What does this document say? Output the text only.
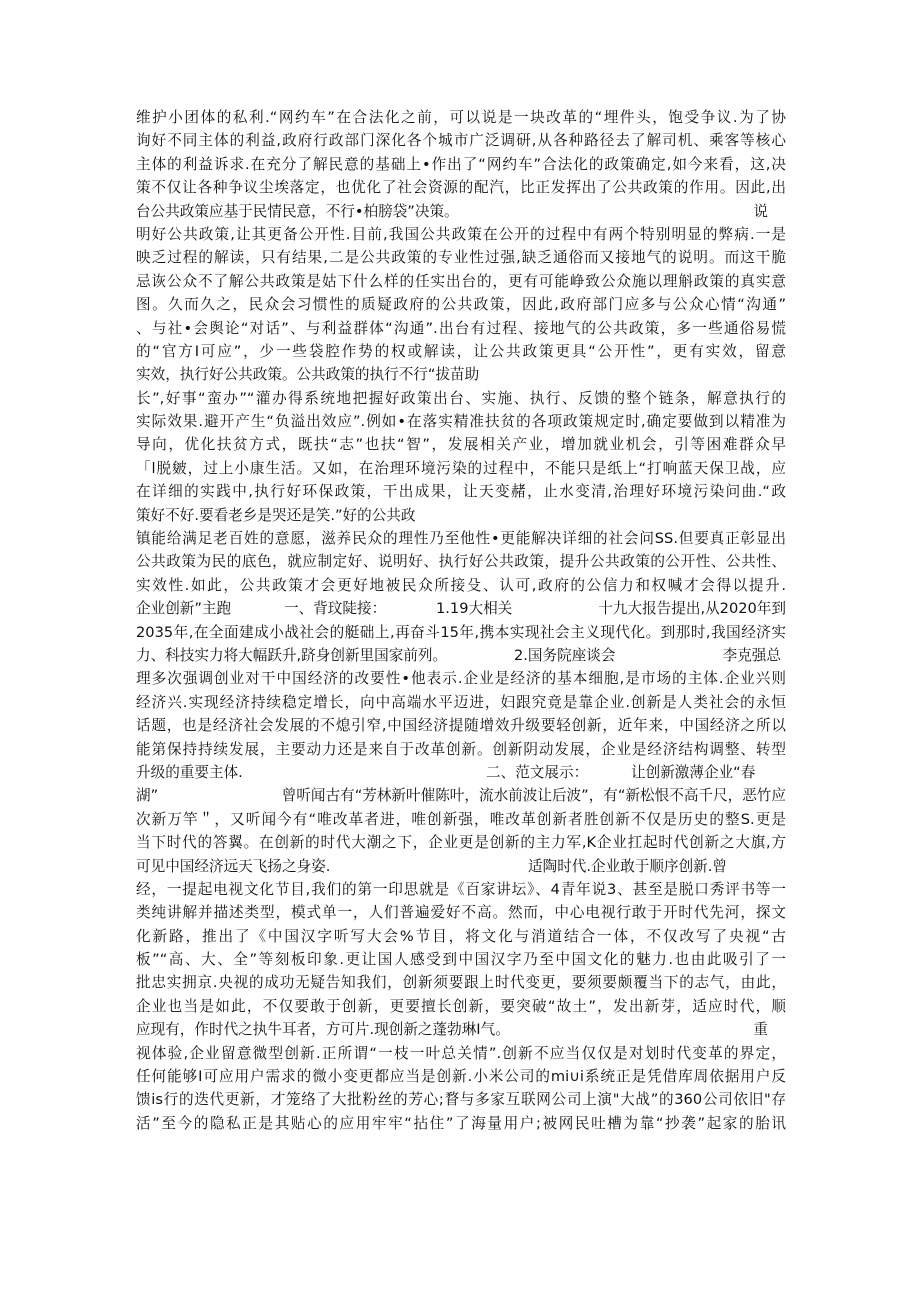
维护小团体的私利.“网约车”在合法化之前，可以说是一块改革的“埋件头，饱受争议.为了协
询好不同主体的利益,政府行政部门深化各个城市广泛调研,从各种路径去了解司机、乘客等核心
主体的利益诉求.在充分了解民意的基础上•作出了“网约车”合法化的政策确定,如今来看，这,决
策不仅让各种争议尘埃落定，也优化了社会资源的配汽，比正发挥出了公共政策的作用。因此,出
台公共政策应基于民情民意，不行•柏膀袋”决策。	说
明好公共政策,让其更备公开性.目前,我国公共政策在公开的过程中有两个特别明显的弊病.一是
映乏过程的解读，只有结果,二是公共政策的专业性过强,缺乏通俗而又接地气的说明。而这干脆
忌诙公众不了解公共政策是姑下什么样的任实出台的，更有可能峥致公众施以理斛政策的真实意
图。久而久之，民众会习惯性的质疑政府的公共政策，因此,政府部门应多与公众心情“沟通”
、与社•会舆论“对话”、与利益群体“沟通”.出台有过程、接地气的公共政策，多一些通俗易慌
的“官方I可应”，少一些袋腔作势的权或解读，让公共政策更具“公开性”，更有实效，留意
实效，执行好公共政策。公共政策的执行不行“拔苗助
长”,好事“蛮办”“灌办得系统地把握好政策出台、实施、执行、反馈的整个链条，解意执行的
实际效果.避开产生“负溢出效应”.例如•在落实精准扶贫的各项政策规定时,确定要做到以精准为
导向，优化扶贫方式，既扶“志”也扶“智”，发展相关产业，增加就业机会，引等困难群众早
「l脱皴，过上小康生活。又如，在治理环境污染的过程中，不能只是纸上“打响蓝天保卫战，应
在详细的实践中,执行好环保政策，干出成果，让天变赭，止水变清,治理好环境污染问曲.“政
策好不好.要看老乡是哭还是笑.”好的公共政
镇能给满足老百姓的意愿，滋养民众的理性乃至他性•更能解决详细的社会问SS.但要真正彰显出
公共政策为民的底色，就应制定好、说明好、执行好公共政策，提升公共政策的公开性、公共性、
实效性.如此，公共政策才会更好地被民众所接殳、认可,政府的公信力和权喊才会得以提升.
企业创新”主跑	一、背玟陡接：	1.19大相关	十九大报告提出,从2020年到
2035年,在全面建成小战社会的艇础上,再奋斗15年,携本实现社会主义现代化。到那时,我国经济实
力、科技实力将大幅跃升,跻身创新里国家前列。	2.国务院座谈会	李克强总
理多次强调创业对干中国经济的改要性•他表示.企业是经济的基本细胞,是市场的主体.企业兴则
经济兴.实现经济持续稳定增长，向中高端水平迈进，妇跟究竟是靠企业.创新是人类社会的永恒
话题，也是经济社会发展的不熄引窄,中国经济提随增效升级要轻创新，近年来，中国经济之所以
能第保持持续发展，主要动力还是来自于改革创新。创新阴动发展，企业是经济结构调整、转型
升级的重要主体.	二、范文展示：	让创新激薄企业“春
湖”	曾听闻古有“芳林新叶催陈叶，流水前波让后波”，有“新松恨不高千尺，恶竹应
次新万竿＂，又听闻今有“唯改革者进，唯创新强，唯改革创新者胜创新不仅是历史的整S.更是
当下时代的答翼。在创新的时代大潮之下，企业更是创新的主力军,K企业扛起时代创新之大旗,方
可见中国经济远天飞扬之身姿.	适陶时代.企业敢于顺序创新.曾
经，一提起电视文化节目,我们的第一印思就是《百家讲坛》、4青年说3、甚至是脱口秀评书等一
类纯讲解并描述类型，模式单一，人们普遍爱好不高。然而，中心电视行敢于开时代先河，探文
化新路，推出了《中国汉字听写大会%节目，将文化与消道结合一体，不仅改写了央视“古
板”“高、大、全”等刻板印象.更让国人感受到中国汉字乃至中国文化的魅力.也由此吸引了一
批忠实拥京.央视的成功无疑告知我们，创新须要跟上时代变更，要须要颇覆当下的志气，由此，
企业也当是如此，不仅要敢于创新，更要擅长创新，要突破“故土”，发出新芽，适应时代，顺
应现有，作时代之执牛耳者，方可片.现创新之蓬勃琳I气。	重
视体验,企业留意微型创新.正所谓“一枝一叶总关情”.创新不应当仅仅是对划时代变革的界定，
任何能够I可应用户需求的微小变更都应当是创新.小米公司的mi∪i系统正是凭借库周依据用户反
馈is行的迭代更新，才笼络了大批粉丝的芳心;瞀与多家互联网公司上演"大战”的360公司依旧"存
活”至今的隐私正是其贴心的应用牢牢“拈住”了海量用户;被网民吐槽为靠“抄袭”起家的胎讯
